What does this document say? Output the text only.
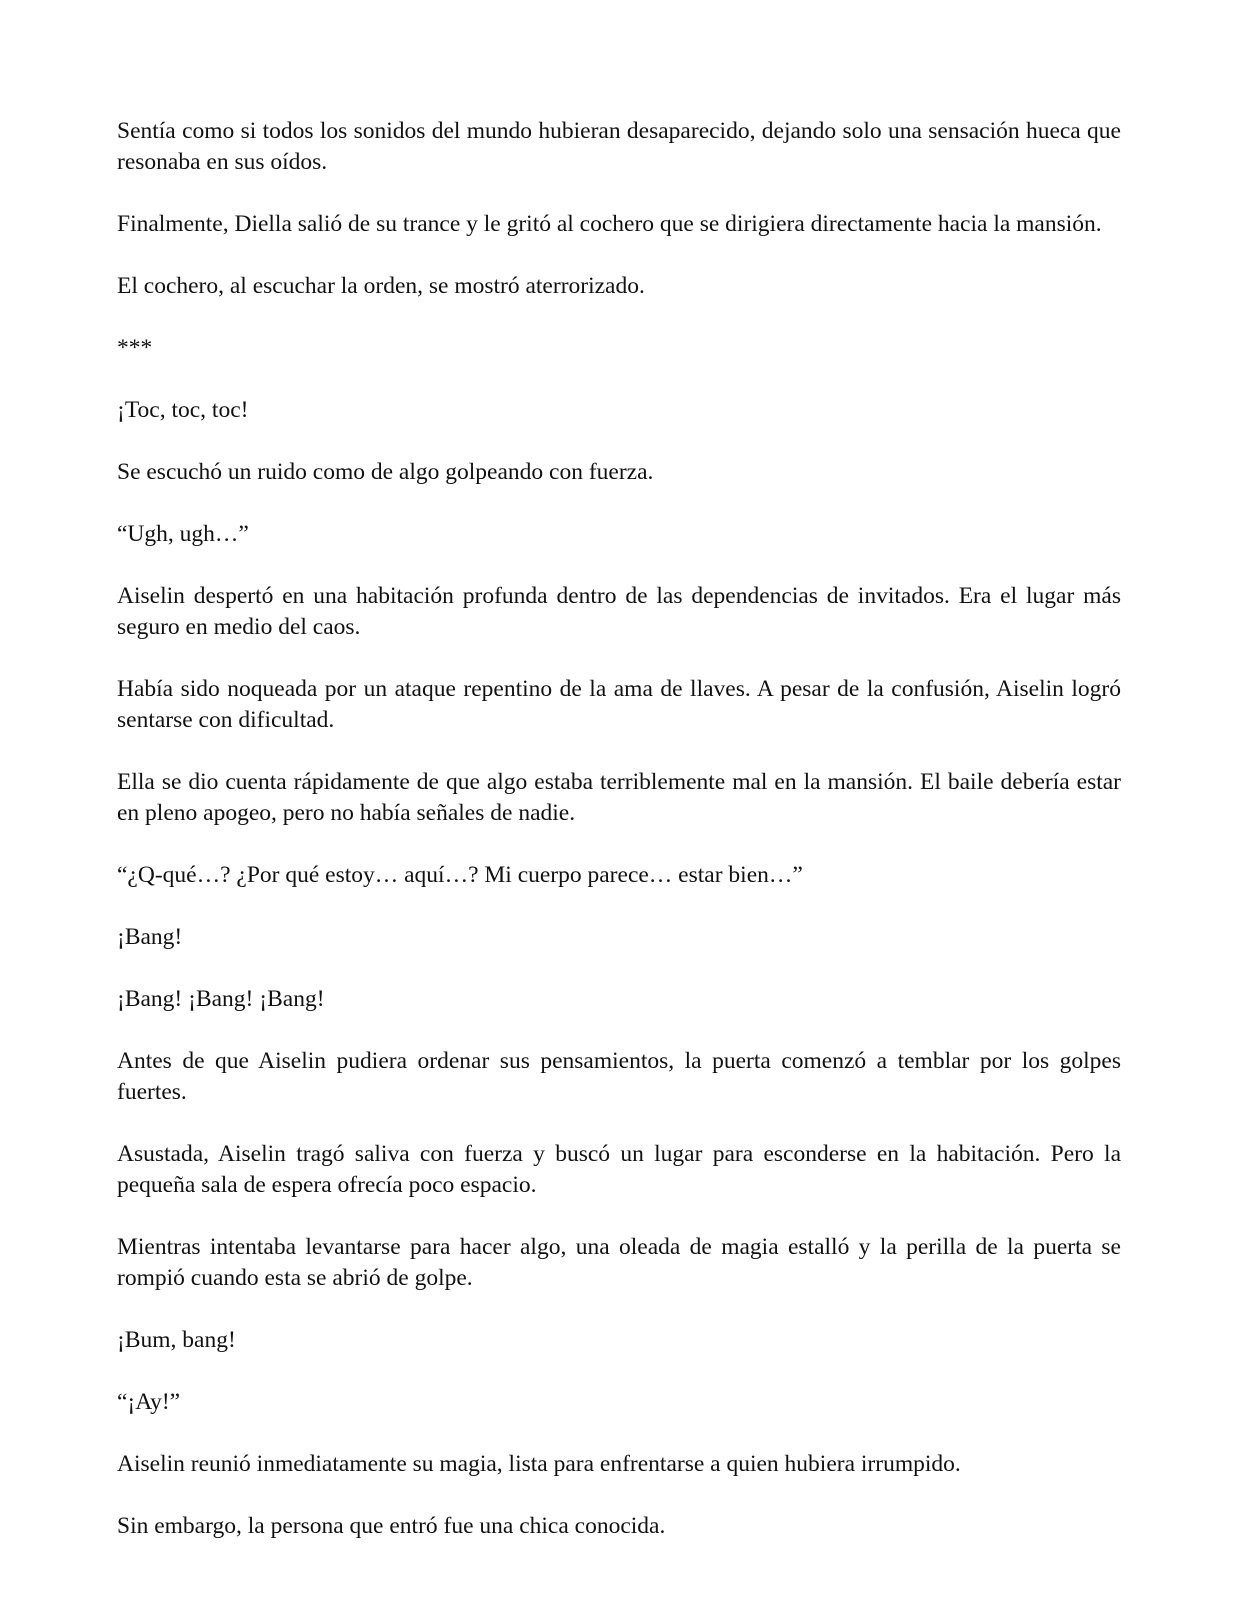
Sentía como si todos los sonidos del mundo hubieran desaparecido, dejando solo una sensación hueca que resonaba en sus oídos.

Finalmente, Diella salió de su trance y le gritó al cochero que se dirigiera directamente hacia la mansión.

El cochero, al escuchar la orden, se mostró aterrorizado.

***

¡Toc, toc, toc!

Se escuchó un ruido como de algo golpeando con fuerza.

“Ugh, ugh…”

Aiselin despertó en una habitación profunda dentro de las dependencias de invitados. Era el lugar más seguro en medio del caos.

Había sido noqueada por un ataque repentino de la ama de llaves. A pesar de la confusión, Aiselin logró sentarse con dificultad.

Ella se dio cuenta rápidamente de que algo estaba terriblemente mal en la mansión. El baile debería estar en pleno apogeo, pero no había señales de nadie.

“¿Q-qué…? ¿Por qué estoy… aquí…? Mi cuerpo parece… estar bien…”

¡Bang!

¡Bang! ¡Bang! ¡Bang!

Antes de que Aiselin pudiera ordenar sus pensamientos, la puerta comenzó a temblar por los golpes fuertes.

Asustada, Aiselin tragó saliva con fuerza y buscó un lugar para esconderse en la habitación. Pero la pequeña sala de espera ofrecía poco espacio.

Mientras intentaba levantarse para hacer algo, una oleada de magia estalló y la perilla de la puerta se rompió cuando esta se abrió de golpe.

¡Bum, bang!

“¡Ay!”

Aiselin reunió inmediatamente su magia, lista para enfrentarse a quien hubiera irrumpido.

Sin embargo, la persona que entró fue una chica conocida.
